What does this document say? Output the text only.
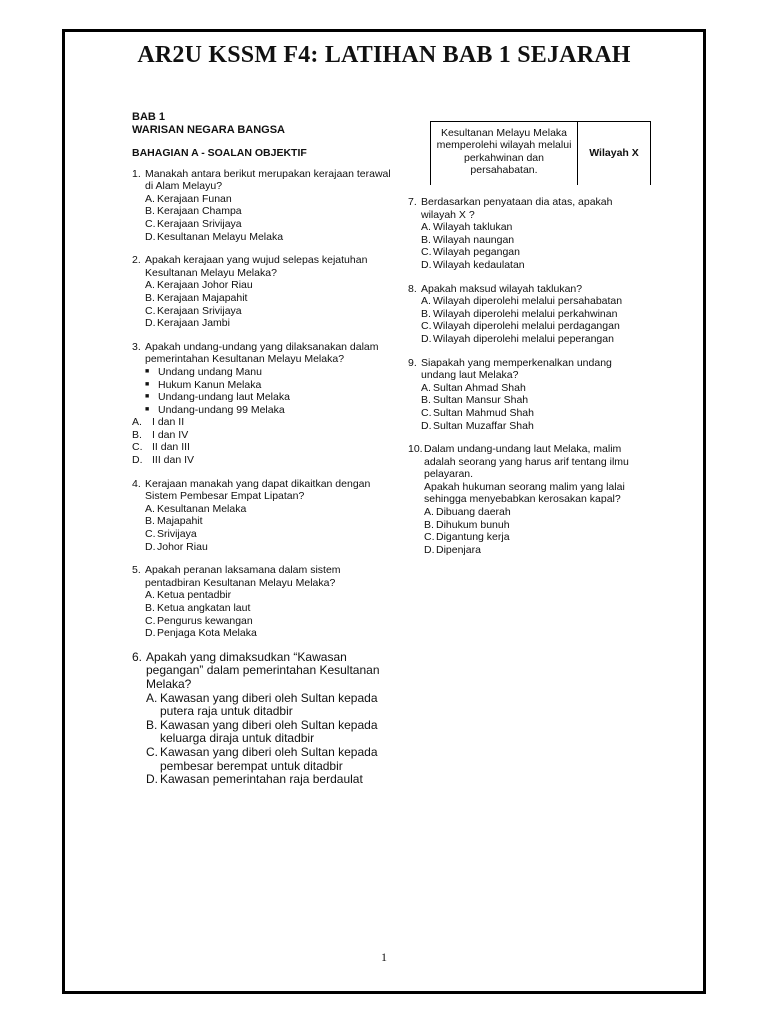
AR2U KSSM F4: LATIHAN BAB 1 SEJARAH
BAB 1
WARISAN NEGARA BANGSA
BAHAGIAN A - SOALAN OBJEKTIF
1. Manakah antara berikut merupakan kerajaan terawal di Alam Melayu?
A. Kerajaan Funan
B. Kerajaan Champa
C. Kerajaan Srivijaya
D. Kesultanan Melayu Melaka
2. Apakah kerajaan yang wujud selepas kejatuhan Kesultanan Melayu Melaka?
A. Kerajaan Johor Riau
B. Kerajaan Majapahit
C. Kerajaan Srivijaya
D. Kerajaan Jambi
3. Apakah undang-undang yang dilaksanakan dalam pemerintahan Kesultanan Melayu Melaka?
■ Undang undang Manu
■ Hukum Kanun Melaka
■ Undang-undang laut Melaka
■ Undang-undang 99 Melaka
A. I dan II
B. I dan IV
C. II dan III
D. III dan IV
4. Kerajaan manakah yang dapat dikaitkan dengan Sistem Pembesar Empat Lipatan?
A. Kesultanan Melaka
B. Majapahit
C. Srivijaya
D. Johor Riau
5. Apakah peranan laksamana dalam sistem pentadbiran Kesultanan Melayu Melaka?
A. Ketua pentadbir
B. Ketua angkatan laut
C. Pengurus kewangan
D. Penjaga Kota Melaka
6. Apakah yang dimaksudkan “Kawasan pegangan” dalam pemerintahan Kesultanan Melaka?
A. Kawasan yang diberi oleh Sultan kepada putera raja untuk ditadbir
B. Kawasan yang diberi oleh Sultan kepada keluarga diraja untuk ditadbir
C. Kawasan yang diberi oleh Sultan kepada pembesar berempat untuk ditadbir
D. Kawasan pemerintahan raja berdaulat
Kesultanan Melayu Melaka memperolehi wilayah melalui perkahwinan dan persahabatan.
Wilayah X
7. Berdasarkan penyataan dia atas, apakah wilayah X ?
A. Wilayah taklukan
B. Wilayah naungan
C. Wilayah pegangan
D. Wilayah kedaulatan
8. Apakah maksud wilayah taklukan?
A. Wilayah diperolehi melalui persahabatan
B. Wilayah diperolehi melalui perkahwinan
C. Wilayah diperolehi melalui perdagangan
D. Wilayah diperolehi melalui peperangan
9. Siapakah yang memperkenalkan undang undang laut Melaka?
A. Sultan Ahmad Shah
B. Sultan Mansur Shah
C. Sultan Mahmud Shah
D. Sultan Muzaffar Shah
10. Dalam undang-undang laut Melaka, malim adalah seorang yang harus arif tentang ilmu pelayaran.
Apakah hukuman seorang malim yang lalai sehingga menyebabkan kerosakan kapal?
A. Dibuang daerah
B. Dihukum bunuh
C. Digantung kerja
D. Dipenjara
1
